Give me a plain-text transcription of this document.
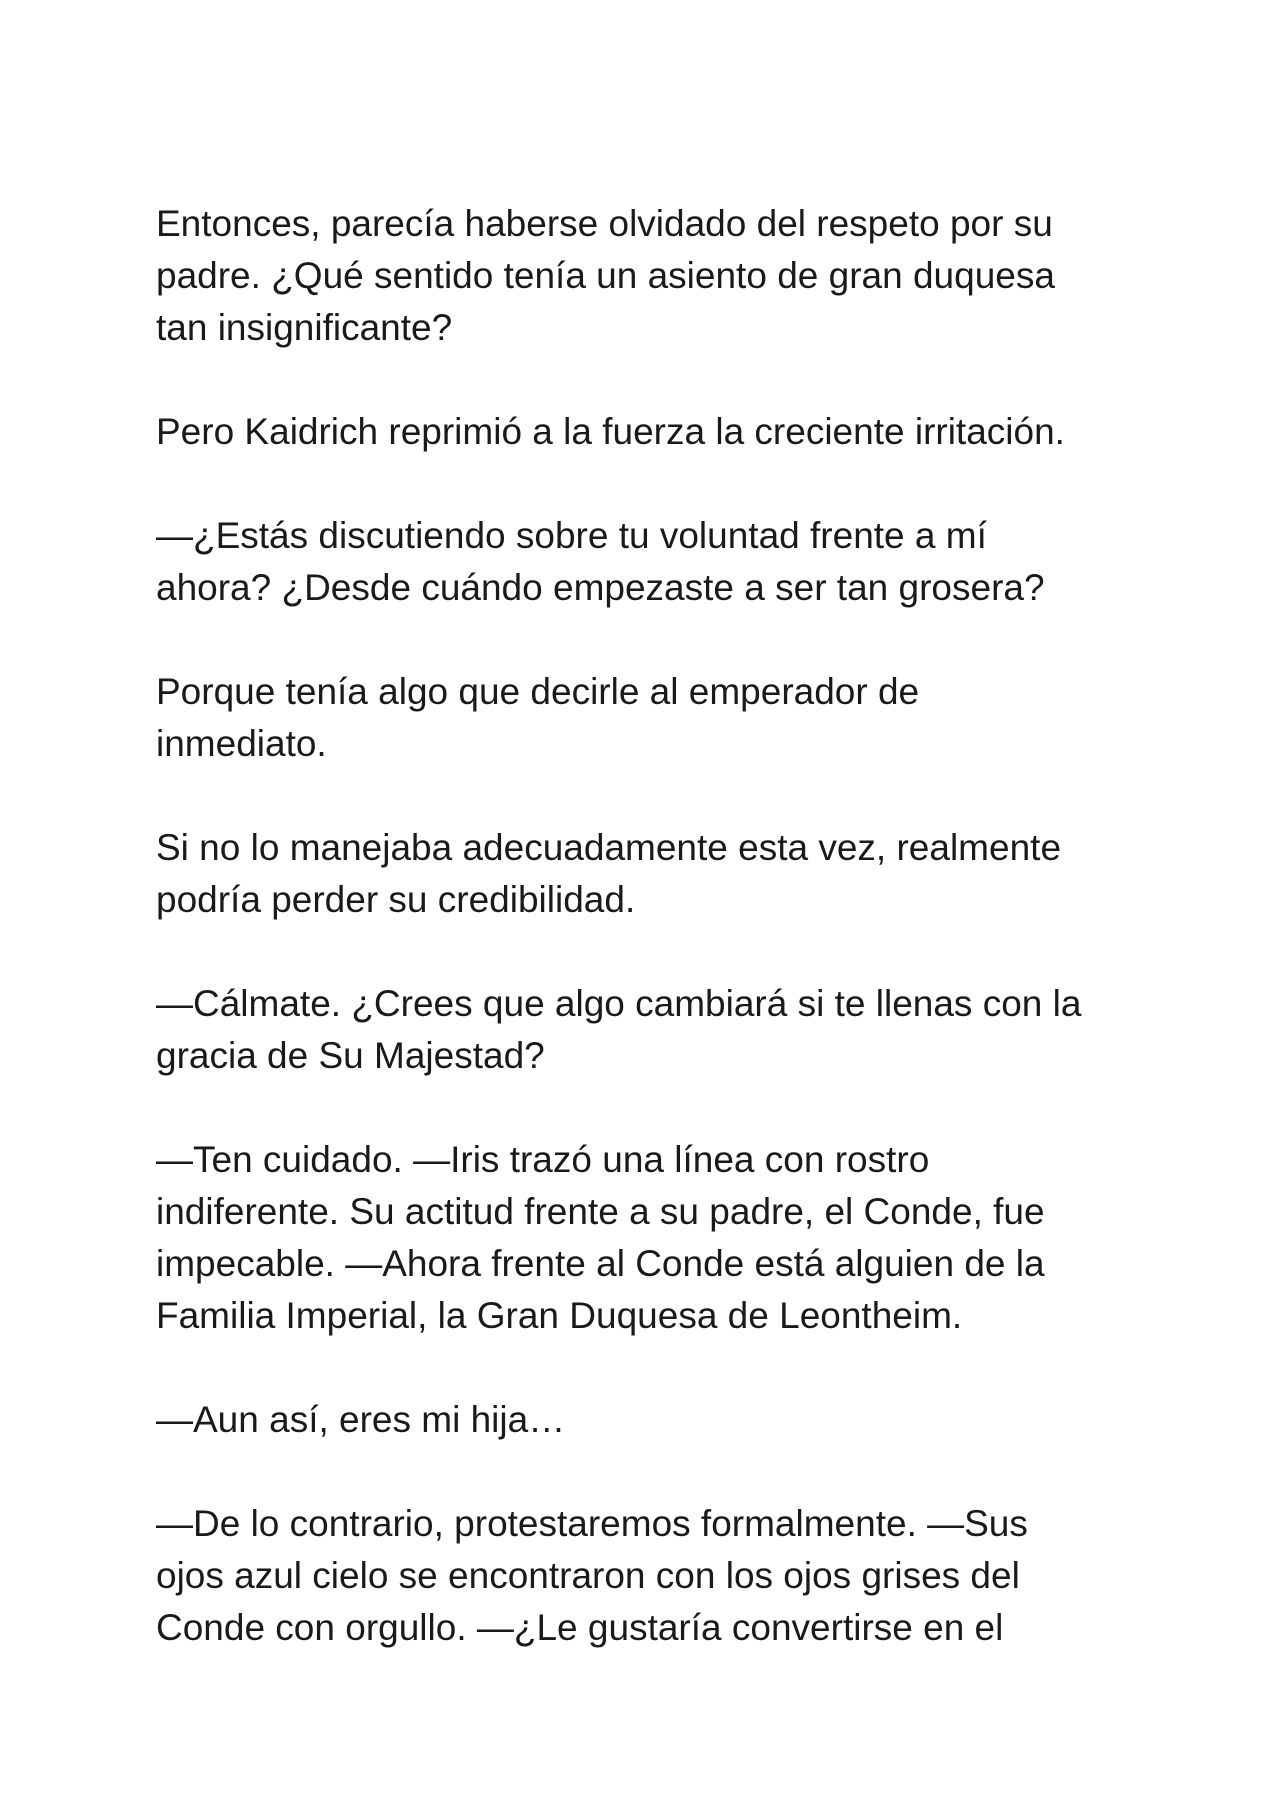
Entonces, parecía haberse olvidado del respeto por su
padre. ¿Qué sentido tenía un asiento de gran duquesa
tan insignificante?

Pero Kaidrich reprimió a la fuerza la creciente irritación.

—¿Estás discutiendo sobre tu voluntad frente a mí
ahora? ¿Desde cuándo empezaste a ser tan grosera?

Porque tenía algo que decirle al emperador de
inmediato.

Si no lo manejaba adecuadamente esta vez, realmente
podría perder su credibilidad.

—Cálmate. ¿Crees que algo cambiará si te llenas con la
gracia de Su Majestad?

—Ten cuidado. —Iris trazó una línea con rostro
indiferente. Su actitud frente a su padre, el Conde, fue
impecable. —Ahora frente al Conde está alguien de la
Familia Imperial, la Gran Duquesa de Leontheim.

—Aun así, eres mi hija…

—De lo contrario, protestaremos formalmente. —Sus
ojos azul cielo se encontraron con los ojos grises del
Conde con orgullo. —¿Le gustaría convertirse en el
